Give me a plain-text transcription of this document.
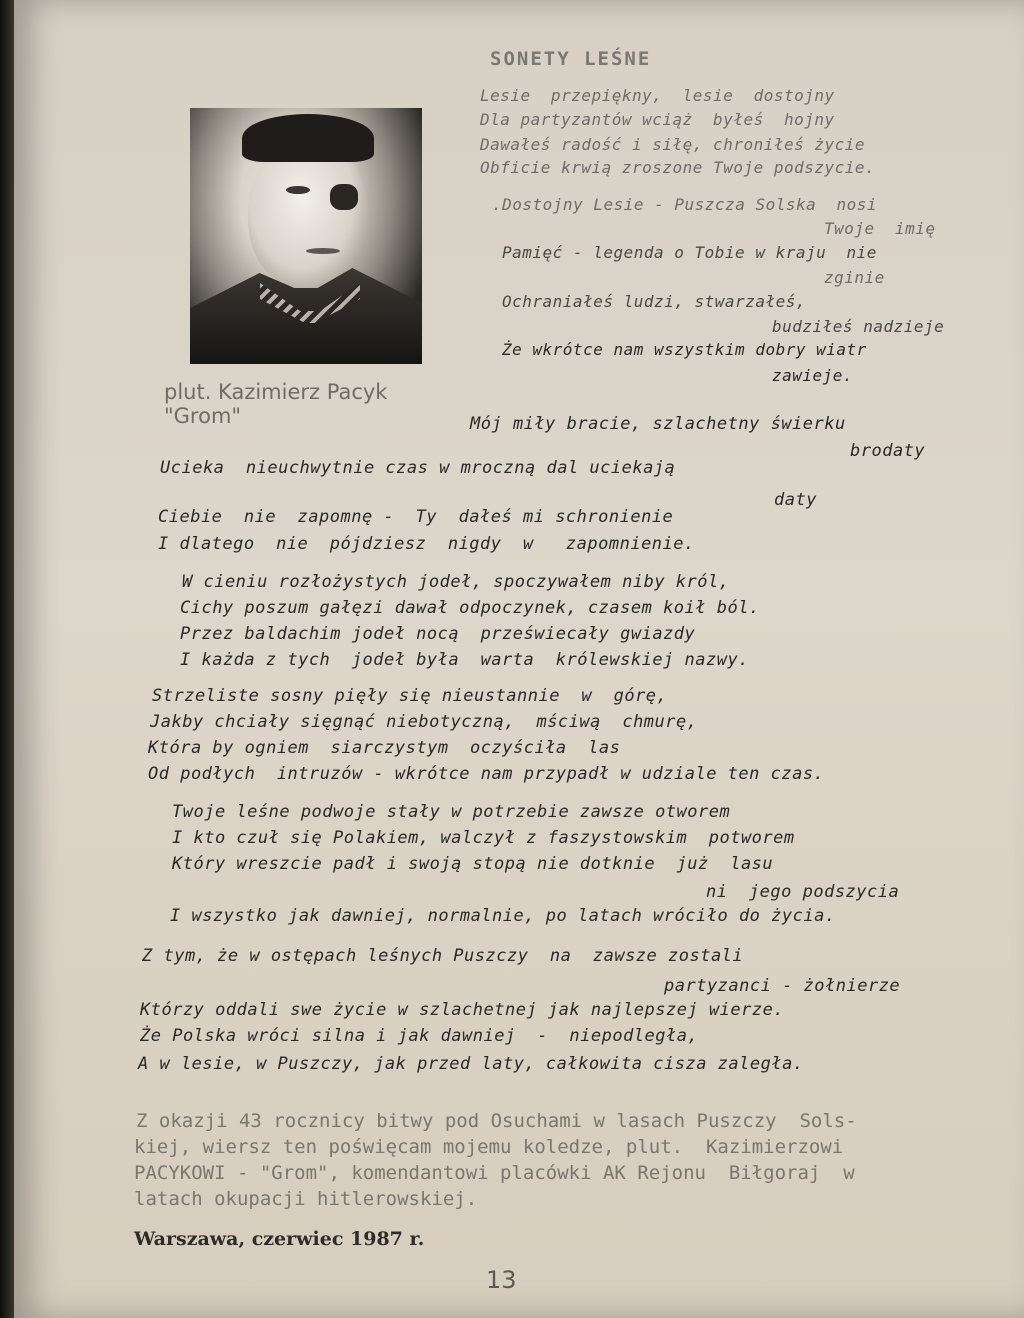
SONETY LEŚNE
Lesie  przepiękny,  lesie  dostojny
Dla partyzantów wciąż  byłeś  hojny
Dawałeś radość i siłę, chroniłeś życie
Obficie krwią zroszone Twoje podszycie.
.Dostojny Lesie - Puszcza Solska  nosi
Twoje  imię
Pamięć - legenda o Tobie w kraju  nie
zginie
Ochraniałeś ludzi, stwarzałeś,
budziłeś nadzieje
Że wkrótce nam wszystkim dobry wiatr
zawieje.
plut. Kazimierz Pacyk
"Grom"	Mój miły bracie, szlachetny świerku
brodaty
Ucieka  nieuchwytnie czas w mroczną dal uciekają
daty
Ciebie  nie  zapomnę -  Ty  dałeś mi schronienie
I dlatego  nie  pójdziesz  nigdy  w   zapomnienie.
W cieniu rozłożystych jodeł, spoczywałem niby król,
Cichy poszum gałęzi dawał odpoczynek, czasem koił ból.
Przez baldachim jodeł nocą  przeświecały gwiazdy
I każda z tych  jodeł była  warta  królewskiej nazwy.
Strzeliste sosny pięły się nieustannie  w  górę,
Jakby chciały sięgnąć niebotyczną,  mściwą  chmurę,
Która by ogniem  siarczystym  oczyściła  las
Od podłych  intruzów - wkrótce nam przypadł w udziale ten czas.
Twoje leśne podwoje stały w potrzebie zawsze otworem
I kto czuł się Polakiem, walczył z faszystowskim  potworem
Który wreszcie padł i swoją stopą nie dotknie  już  lasu
ni  jego podszycia
I wszystko jak dawniej, normalnie, po latach wróciło do życia.
Z tym, że w ostępach leśnych Puszczy  na  zawsze zostali
partyzanci - żołnierze
Którzy oddali swe życie w szlachetnej jak najlepszej wierze.
Że Polska wróci silna i jak dawniej  -  niepodległa,
A w lesie, w Puszczy, jak przed laty, całkowita cisza zaległa.
Z okazji 43 rocznicy bitwy pod Osuchami w lasach Puszczy  Sols-
kiej, wiersz ten poświęcam mojemu koledze, plut.  Kazimierzowi
PACYKOWI - "Grom", komendantowi placówki AK Rejonu  Biłgoraj  w
latach okupacji hitlerowskiej.
Warszawa, czerwiec 1987 r.
13
